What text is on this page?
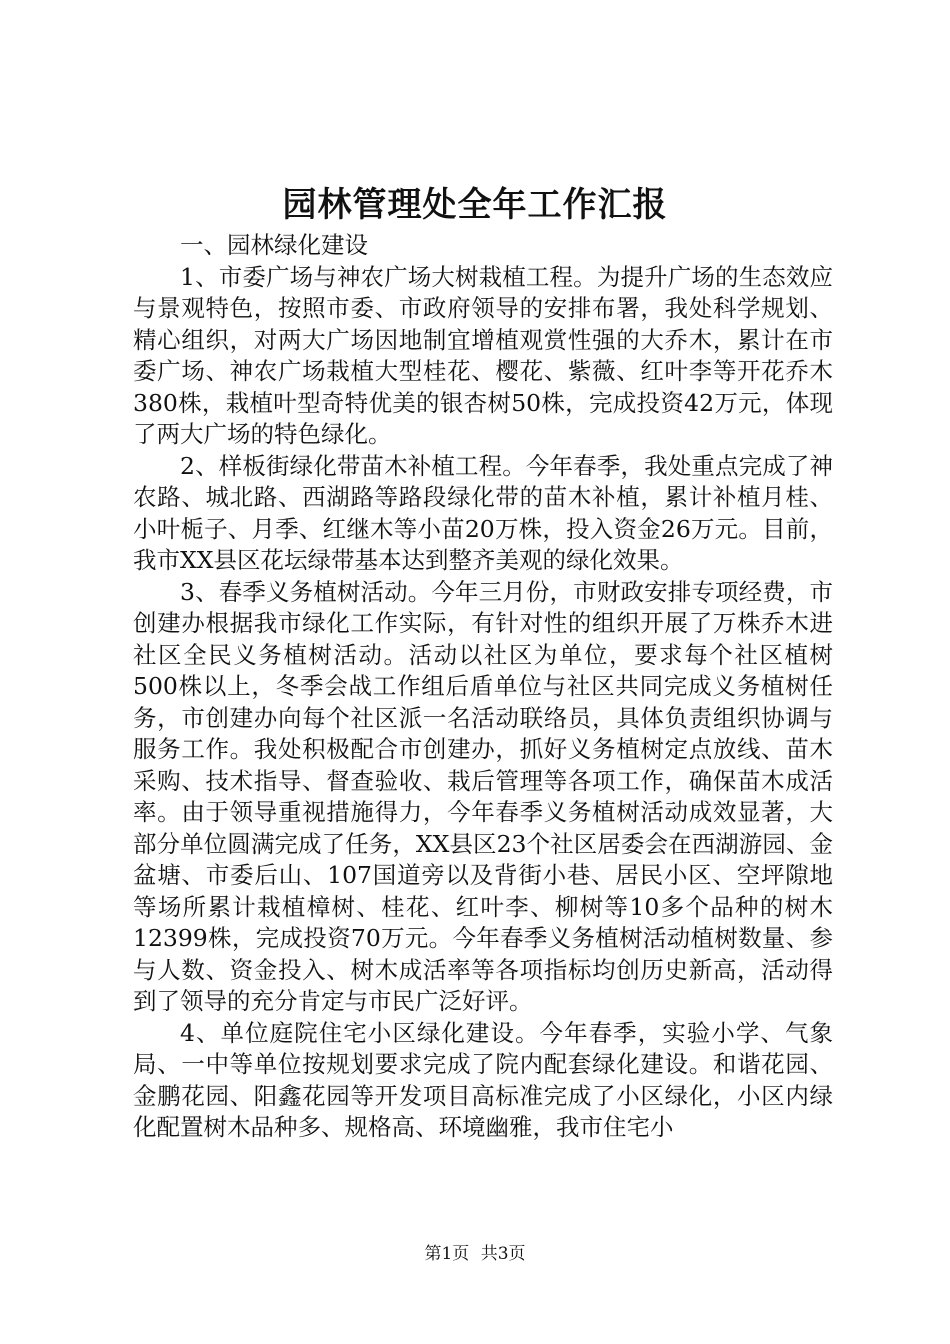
园林管理处全年工作汇报

一、园林绿化建设

1、市委广场与神农广场大树栽植工程。为提升广场的生态效应与景观特色，按照市委、市政府领导的安排布署，我处科学规划、精心组织，对两大广场因地制宜增植观赏性强的大乔木，累计在市委广场、神农广场栽植大型桂花、樱花、紫薇、红叶李等开花乔木380株，栽植叶型奇特优美的银杏树50株，完成投资42万元，体现了两大广场的特色绿化。

2、样板街绿化带苗木补植工程。今年春季，我处重点完成了神农路、城北路、西湖路等路段绿化带的苗木补植，累计补植月桂、小叶栀子、月季、红继木等小苗20万株，投入资金26万元。目前，我市XX县区花坛绿带基本达到整齐美观的绿化效果。

3、春季义务植树活动。今年三月份，市财政安排专项经费，市创建办根据我市绿化工作实际，有针对性的组织开展了万株乔木进社区全民义务植树活动。活动以社区为单位，要求每个社区植树500株以上，冬季会战工作组后盾单位与社区共同完成义务植树任务，市创建办向每个社区派一名活动联络员，具体负责组织协调与服务工作。我处积极配合市创建办，抓好义务植树定点放线、苗木采购、技术指导、督查验收、栽后管理等各项工作，确保苗木成活率。由于领导重视措施得力，今年春季义务植树活动成效显著，大部分单位圆满完成了任务，XX县区23个社区居委会在西湖游园、金盆塘、市委后山、107国道旁以及背街小巷、居民小区、空坪隙地等场所累计栽植樟树、桂花、红叶李、柳树等10多个品种的树木12399株，完成投资70万元。今年春季义务植树活动植树数量、参与人数、资金投入、树木成活率等各项指标均创历史新高，活动得到了领导的充分肯定与市民广泛好评。

4、单位庭院住宅小区绿化建设。今年春季，实验小学、气象局、一中等单位按规划要求完成了院内配套绿化建设。和谐花园、金鹏花园、阳鑫花园等开发项目高标准完成了小区绿化，小区内绿化配置树木品种多、规格高、环境幽雅，我市住宅小

第1页 共3页
